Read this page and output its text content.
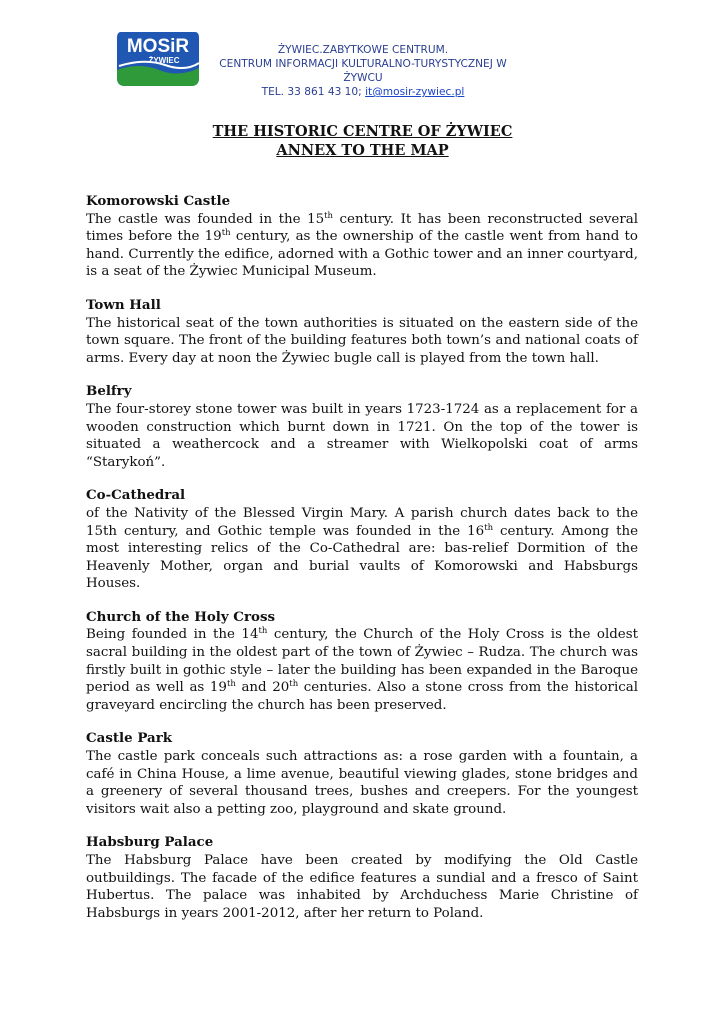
MOSiR
ŻYWIEC
ŻYWIEC.ZABYTKOWE CENTRUM.
CENTRUM INFORMACJI KULTURALNO-TURYSTYCZNEJ W ŻYWCU
TEL. 33 861 43 10; it@mosir-zywiec.pl
THE HISTORIC CENTRE OF ŻYWIEC
ANNEX TO THE MAP
Komorowski Castle

The castle was founded in the 15th century. It has been reconstructed several times before the 19th century, as the ownership of the castle went from hand to hand. Currently the edifice, adorned with a Gothic tower and an inner courtyard, is a seat of the Żywiec Municipal Museum.

Town Hall

The historical seat of the town authorities is situated on the eastern side of the town square. The front of the building features both town’s and national coats of arms. Every day at noon the Żywiec bugle call is played from the town hall.

Belfry

The four-storey stone tower was built in years 1723-1724 as a replacement for a wooden construction which burnt down in 1721. On the top of the tower is situated a weathercock and a streamer with Wielkopolski coat of arms “Starykoń”.

Co-Cathedral

of the Nativity of the Blessed Virgin Mary. A parish church dates back to the 15th century, and Gothic temple was founded in the 16th century. Among the most interesting relics of the Co-Cathedral are: bas-relief Dormition of the Heavenly Mother, organ and burial vaults of Komorowski and Habsburgs Houses.

Church of the Holy Cross

Being founded in the 14th century, the Church of the Holy Cross is the oldest sacral building in the oldest part of the town of Żywiec – Rudza. The church was firstly built in gothic style – later the building has been expanded in the Baroque period as well as 19th and 20th centuries. Also a stone cross from the historical graveyard encircling the church has been preserved.

Castle Park

The castle park conceals such attractions as: a rose garden with a fountain, a café in China House, a lime avenue, beautiful viewing glades, stone bridges and a greenery of several thousand trees, bushes and creepers. For the youngest visitors wait also a petting zoo, playground and skate ground.

Habsburg Palace

The Habsburg Palace have been created by modifying the Old Castle outbuildings. The facade of the edifice features a sundial and a fresco of Saint Hubertus. The palace was inhabited by Archduchess Marie Christine of Habsburgs in years 2001-2012, after her return to Poland.
